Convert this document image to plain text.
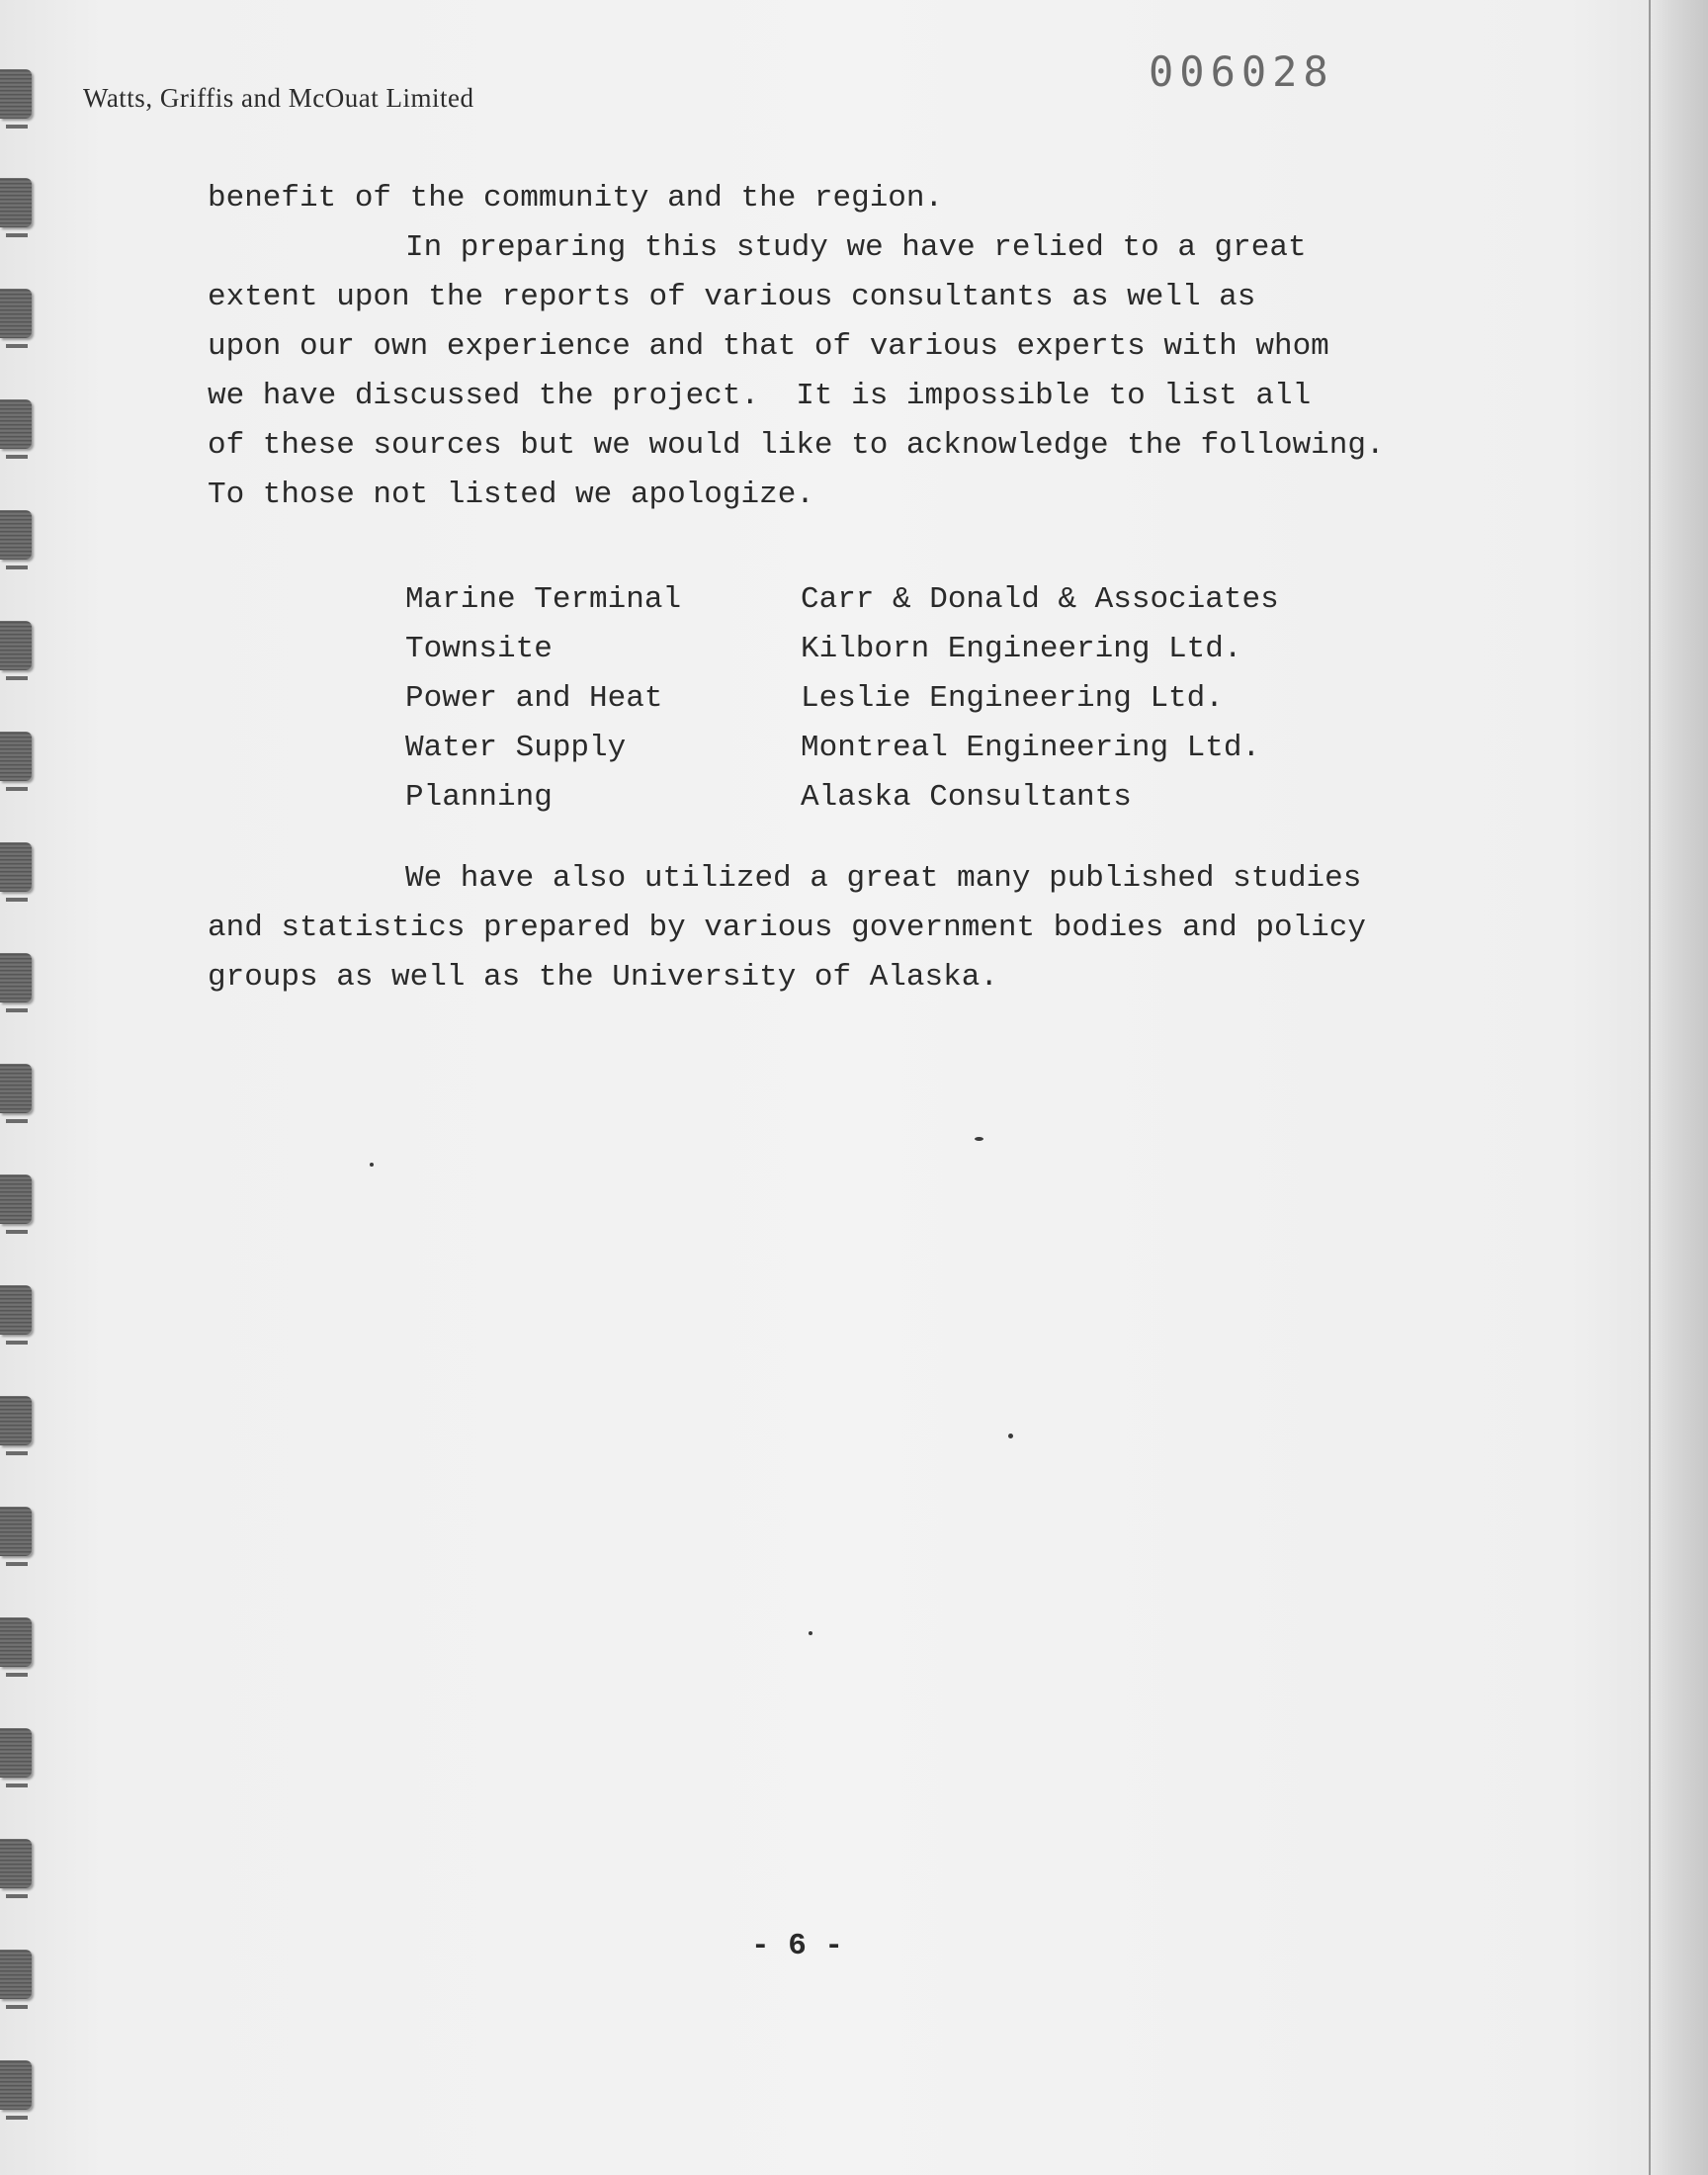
Watts, Griffis and McOuat Limited
006028
benefit of the community and the region.
In preparing this study we have relied to a great
extent upon the reports of various consultants as well as
upon our own experience and that of various experts with whom
we have discussed the project.  It is impossible to list all
of these sources but we would like to acknowledge the following.
To those not listed we apologize.
Marine Terminal	Carr & Donald & Associates
Townsite	Kilborn Engineering Ltd.
Power and Heat	Leslie Engineering Ltd.
Water Supply	Montreal Engineering Ltd.
Planning	Alaska Consultants
We have also utilized a great many published studies
and statistics prepared by various government bodies and policy
groups as well as the University of Alaska.
- 6 -
